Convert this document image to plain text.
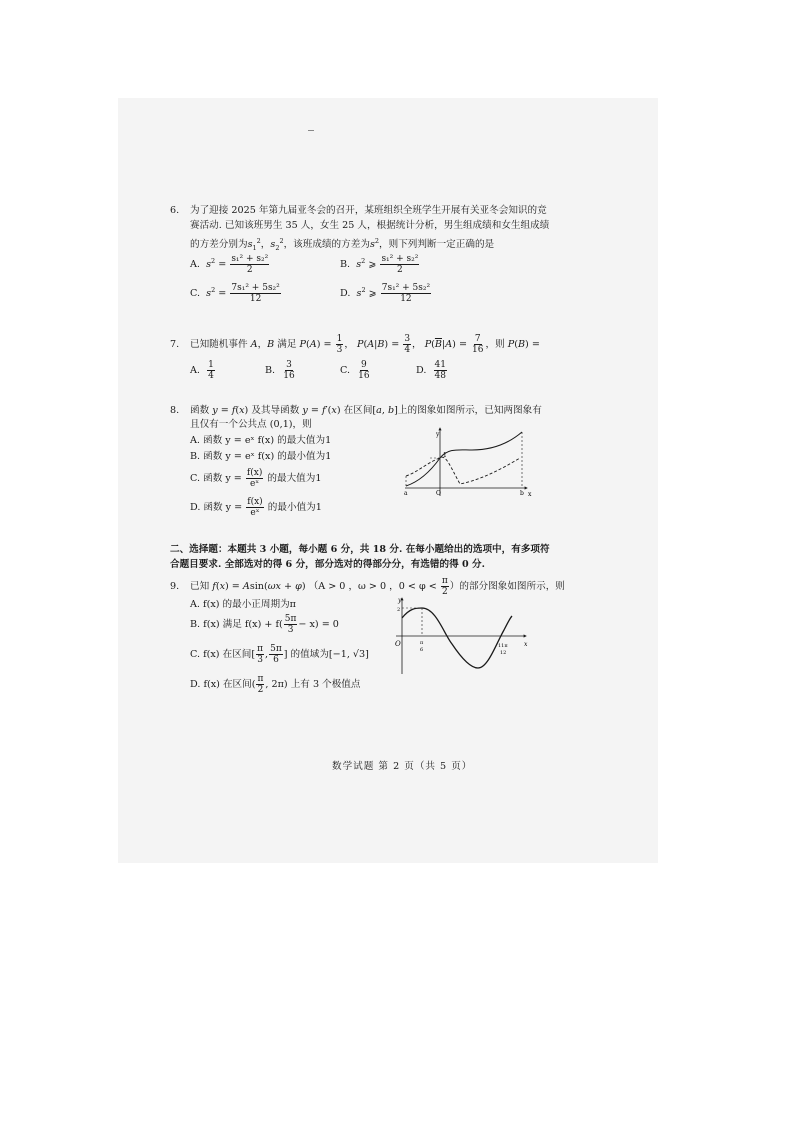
6. 为了迎接 2025 年第九届亚冬会的召开，某班组织全班学生开展有关亚冬会知识的竞
赛活动. 已知该班男生 35 人，女生 25 人，根据统计分析，男生组成绩和女生组成绩
的方差分别为$s_1^2$，$s_2^2$，该班成绩的方差为$s^2$，则下列判断一定正确的是
A. $s^2 = \frac{\text{s₁² + s₂²}}{2}$	B. $s^2$ ⩾ $\frac{\text{s₁² + s₂²}}{2}$
C. $s^2 = \frac{\text{7s₁² + 5s₂²}}{12}$	D. $s^2$ ⩾ $\frac{\text{7s₁² + 5s₂²}}{12}$
7. 已知随机事件 A，B 满足 $P(A) = \frac{1}{3}$ ， $P(A|B) = \frac{3}{4}$ ， $P(\overline{B}|A) = \frac{7}{16}$ ，则 P(B) =
A. $\frac{1}{4}$	B. $\frac{3}{16}$	C. $\frac{9}{16}$	D. $\frac{41}{48}$
8. 函数 y = f(x) 及其导函数 y = f′(x) 在区间[a, b]上的图象如图所示，已知两图象有
且仅有一个公共点 (0,1)，则
A. 函数 y = eˣ f(x) 的最大值为1
B. 函数 y = eˣ f(x) 的最小值为1
C. 函数 $y = \frac{f(x)}{\text{eˣ}}$ 的最大值为1
D. 函数 $y = \frac{f(x)}{\text{eˣ}}$ 的最小值为1
y
x
a	O	b
1
二、选择题：本题共 3 小题，每小题 6 分，共 18 分. 在每小题给出的选项中，有多项符
合题目要求. 全部选对的得 6 分，部分选对的得部分分，有选错的得 0 分.
9. 已知 f(x) = Asin(ωx + φ) （A > 0 ，ω > 0 ，$0 < \varphi < \frac{\pi}{2}$ ）的部分图象如图所示，则
A. f(x) 的最小正周期为π
B. f(x) 满足 $f(x) + f( \frac{5\pi}{3} - x) = 0$
C. f(x) 在区间[ $\frac{\pi}{3}$ , $\frac{5\pi}{6}$ ] 的值域为[−1, √3]
D. f(x) 在区间( $\frac{\pi}{2}$ , 2π) 上有 3 个极值点
y
x
O
2
π
6
11π
12
数学试题 第 2 页（共 5 页）
